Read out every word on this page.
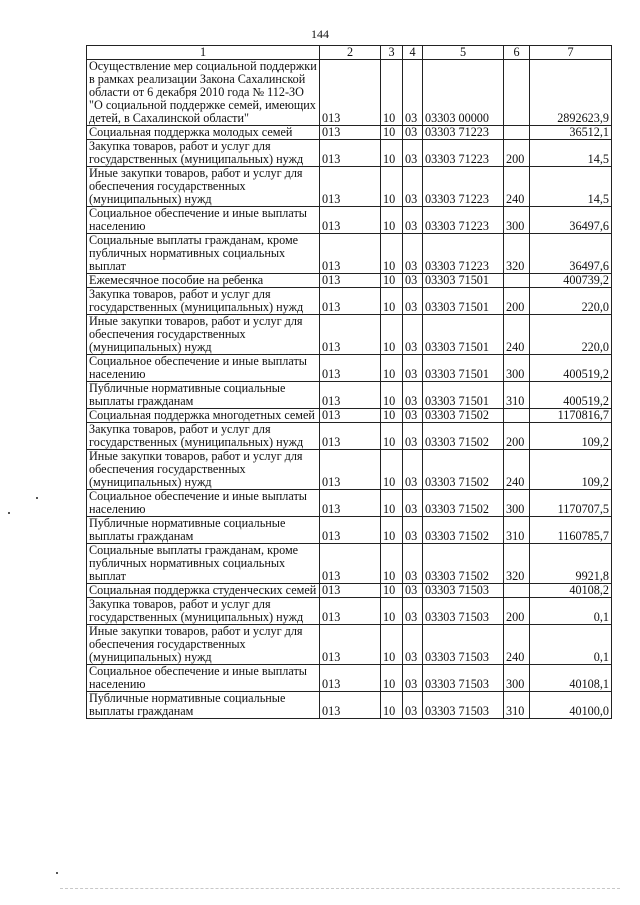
144
1	2	3	4	5	6	7
Осуществление мер социальной поддержки в рамках реализации Закона Сахалинской области от 6 декабря 2010 года № 112-ЗО "О социальной поддержке семей, имеющих детей, в Сахалинской области"	013	10	03	03303 00000		2892623,9
Социальная поддержка молодых семей	013	10	03	03303 71223		36512,1
Закупка товаров, работ и услуг для государственных (муниципальных) нужд	013	10	03	03303 71223	200	14,5
Иные закупки товаров, работ и услуг для обеспечения государственных (муниципальных) нужд	013	10	03	03303 71223	240	14,5
Социальное обеспечение и иные выплаты населению	013	10	03	03303 71223	300	36497,6
Социальные выплаты гражданам, кроме публичных нормативных социальных выплат	013	10	03	03303 71223	320	36497,6
Ежемесячное пособие на ребенка	013	10	03	03303 71501		400739,2
Закупка товаров, работ и услуг для государственных (муниципальных) нужд	013	10	03	03303 71501	200	220,0
Иные закупки товаров, работ и услуг для обеспечения государственных (муниципальных) нужд	013	10	03	03303 71501	240	220,0
Социальное обеспечение и иные выплаты населению	013	10	03	03303 71501	300	400519,2
Публичные нормативные социальные выплаты гражданам	013	10	03	03303 71501	310	400519,2
Социальная поддержка многодетных семей	013	10	03	03303 71502		1170816,7
Закупка товаров, работ и услуг для государственных (муниципальных) нужд	013	10	03	03303 71502	200	109,2
Иные закупки товаров, работ и услуг для обеспечения государственных (муниципальных) нужд	013	10	03	03303 71502	240	109,2
Социальное обеспечение и иные выплаты населению	013	10	03	03303 71502	300	1170707,5
Публичные нормативные социальные выплаты гражданам	013	10	03	03303 71502	310	1160785,7
Социальные выплаты гражданам, кроме публичных нормативных социальных выплат	013	10	03	03303 71502	320	9921,8
Социальная поддержка студенческих семей	013	10	03	03303 71503		40108,2
Закупка товаров, работ и услуг для государственных (муниципальных) нужд	013	10	03	03303 71503	200	0,1
Иные закупки товаров, работ и услуг для обеспечения государственных (муниципальных) нужд	013	10	03	03303 71503	240	0,1
Социальное обеспечение и иные выплаты населению	013	10	03	03303 71503	300	40108,1
Публичные нормативные социальные выплаты гражданам	013	10	03	03303 71503	310	40100,0
